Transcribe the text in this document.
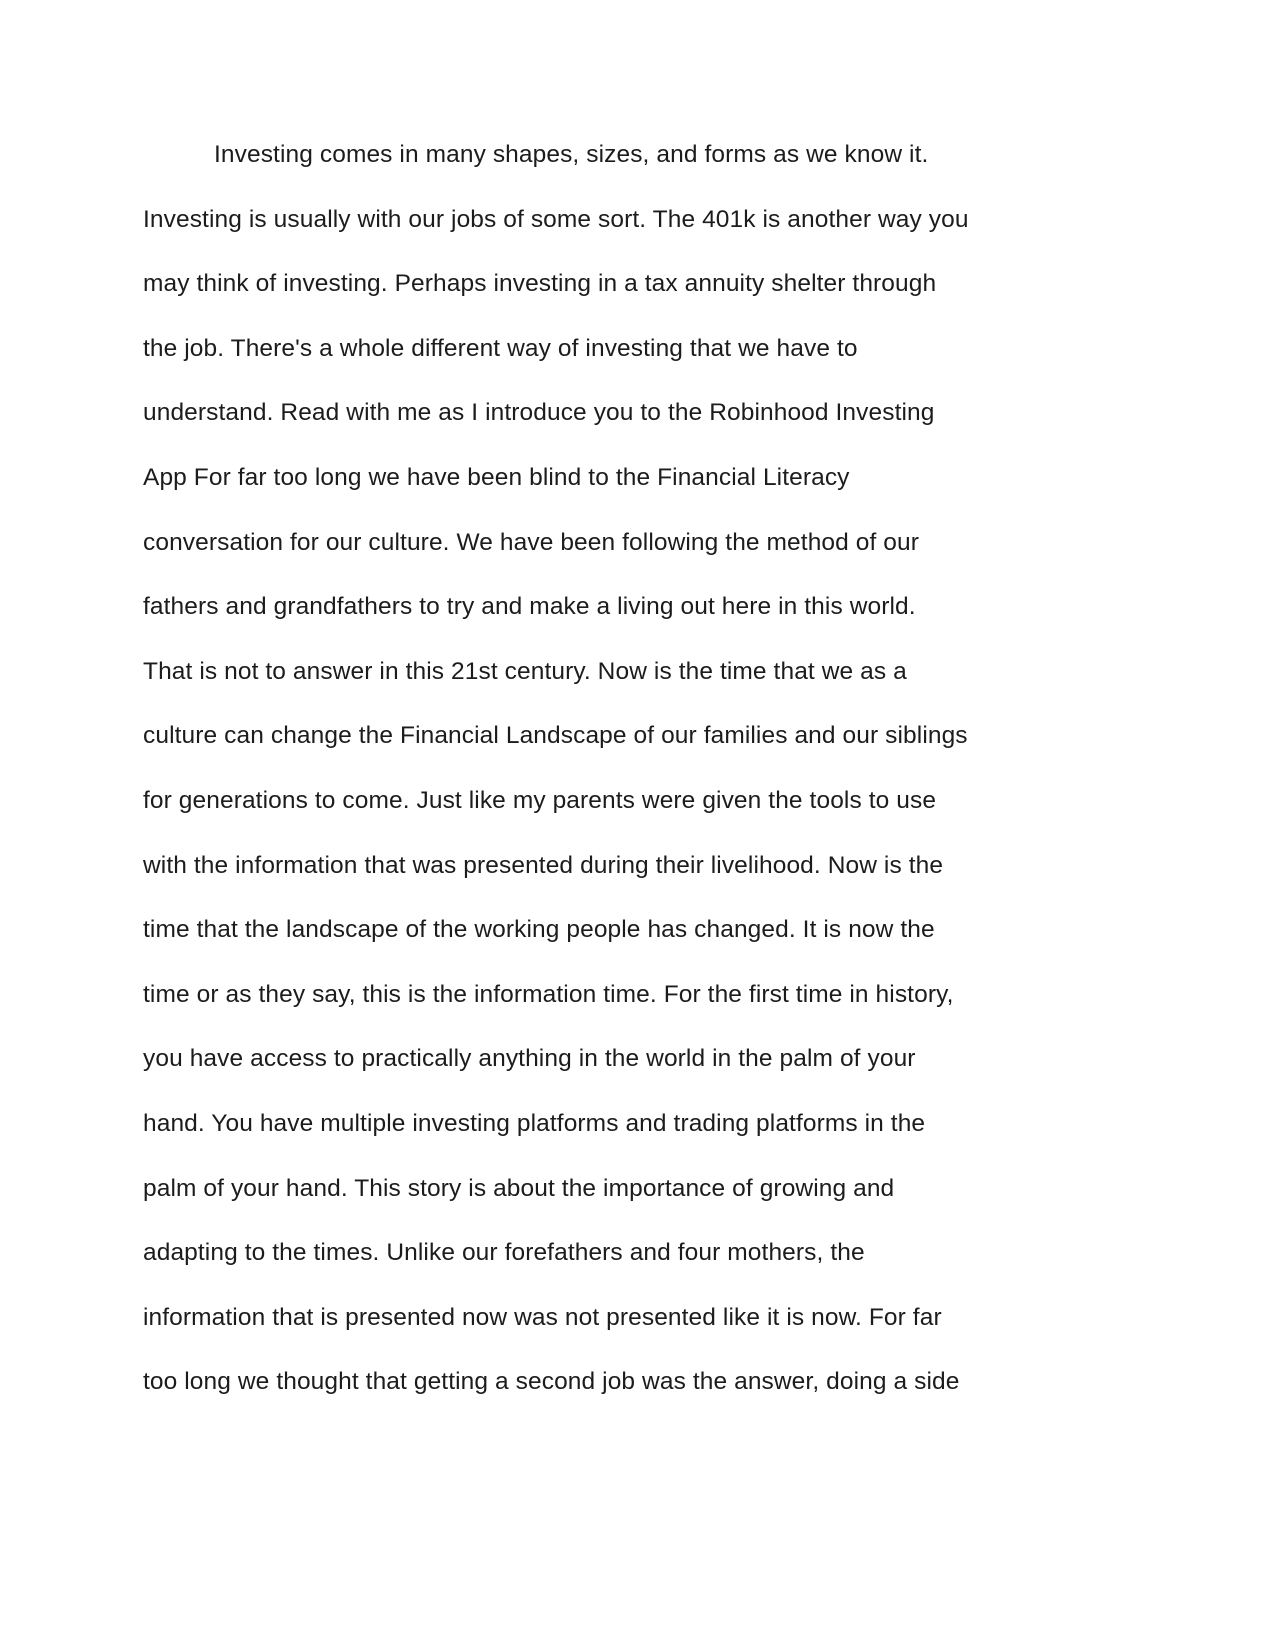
Investing comes in many shapes, sizes, and forms as we know it.
Investing is usually with our jobs of some sort. The 401k is another way you
may think of investing. Perhaps investing in a tax annuity shelter through
the job. There's a whole different way of investing that we have to
understand. Read with me as I introduce you to the Robinhood Investing
App For far too long we have been blind to the Financial Literacy
conversation for our culture. We have been following the method of our
fathers and grandfathers to try and make a living out here in this world.
That is not to answer in this 21st century. Now is the time that we as a
culture can change the Financial Landscape of our families and our siblings
for generations to come. Just like my parents were given the tools to use
with the information that was presented during their livelihood. Now is the
time that the landscape of the working people has changed. It is now the
time or as they say, this is the information time. For the first time in history,
you have access to practically anything in the world in the palm of your
hand. You have multiple investing platforms and trading platforms in the
palm of your hand. This story is about the importance of growing and
adapting to the times. Unlike our forefathers and four mothers, the
information that is presented now was not presented like it is now. For far
too long we thought that getting a second job was the answer, doing a side
